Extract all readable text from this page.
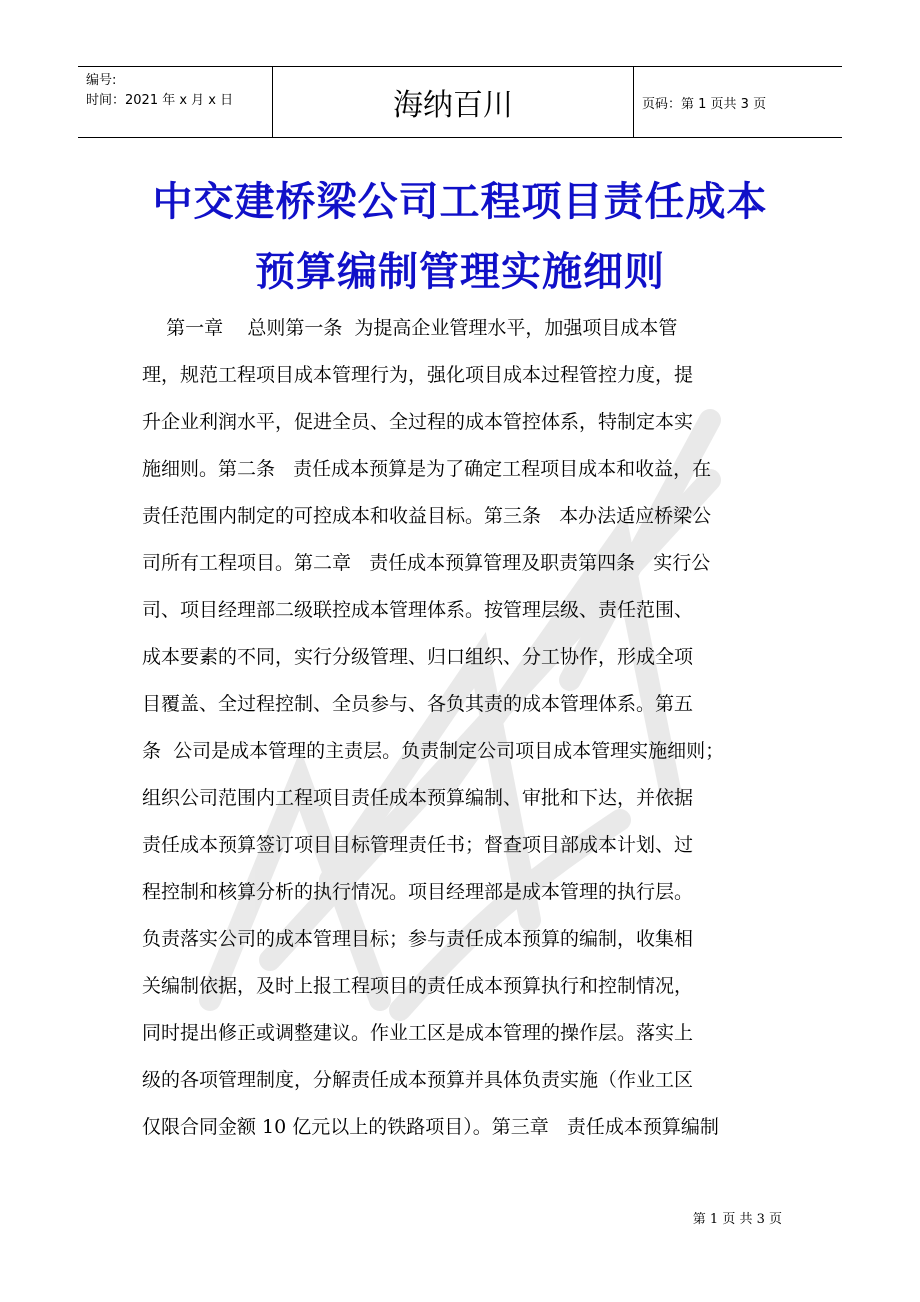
编号:
时间：2021 年 x 月 x 日	海纳百川	页码：第 1 页共 3 页
中交建桥梁公司工程项目责任成本
预算编制管理实施细则
第一章    总则第一条  为提高企业管理水平，加强项目成本管
理，规范工程项目成本管理行为，强化项目成本过程管控力度，提
升企业利润水平，促进全员、全过程的成本管控体系，特制定本实
施细则。第二条   责任成本预算是为了确定工程项目成本和收益，在
责任范围内制定的可控成本和收益目标。第三条   本办法适应桥梁公
司所有工程项目。第二章   责任成本预算管理及职责第四条   实行公
司、项目经理部二级联控成本管理体系。按管理层级、责任范围、
成本要素的不同，实行分级管理、归口组织、分工协作，形成全项
目覆盖、全过程控制、全员参与、各负其责的成本管理体系。第五
条  公司是成本管理的主责层。负责制定公司项目成本管理实施细则；
组织公司范围内工程项目责任成本预算编制、审批和下达，并依据
责任成本预算签订项目目标管理责任书；督查项目部成本计划、过
程控制和核算分析的执行情况。项目经理部是成本管理的执行层。
负责落实公司的成本管理目标；参与责任成本预算的编制，收集相
关编制依据，及时上报工程项目的责任成本预算执行和控制情况，
同时提出修正或调整建议。作业工区是成本管理的操作层。落实上
级的各项管理制度，分解责任成本预算并具体负责实施（作业工区
仅限合同金额 10 亿元以上的铁路项目）。第三章   责任成本预算编制
第 1 页 共 3 页
